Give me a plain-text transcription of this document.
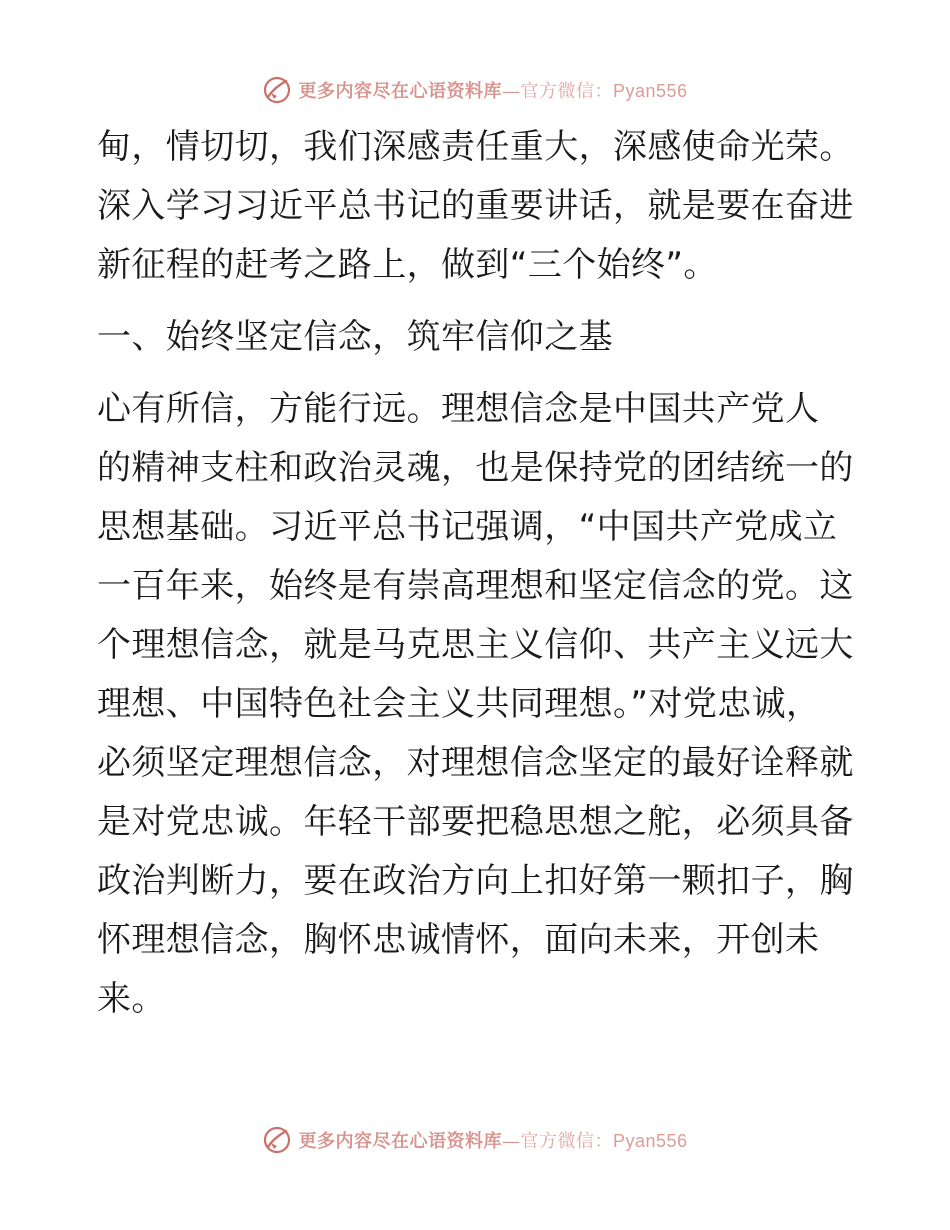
更多内容尽在心语资料库—官方微信：Pyan556
甸，情切切，我们深感责任重大，深感使命光荣。
深入学习习近平总书记的重要讲话，就是要在奋进
新征程的赶考之路上，做到“三个始终”。
一、始终坚定信念，筑牢信仰之基
心有所信，方能行远。理想信念是中国共产党人
的精神支柱和政治灵魂，也是保持党的团结统一的
思想基础。习近平总书记强调，“中国共产党成立
一百年来，始终是有崇高理想和坚定信念的党。这
个理想信念，就是马克思主义信仰、共产主义远大
理想、中国特色社会主义共同理想。”对党忠诚，
必须坚定理想信念，对理想信念坚定的最好诠释就
是对党忠诚。年轻干部要把稳思想之舵，必须具备
政治判断力，要在政治方向上扣好第一颗扣子，胸
怀理想信念，胸怀忠诚情怀，面向未来，开创未
来。
更多内容尽在心语资料库—官方微信：Pyan556
